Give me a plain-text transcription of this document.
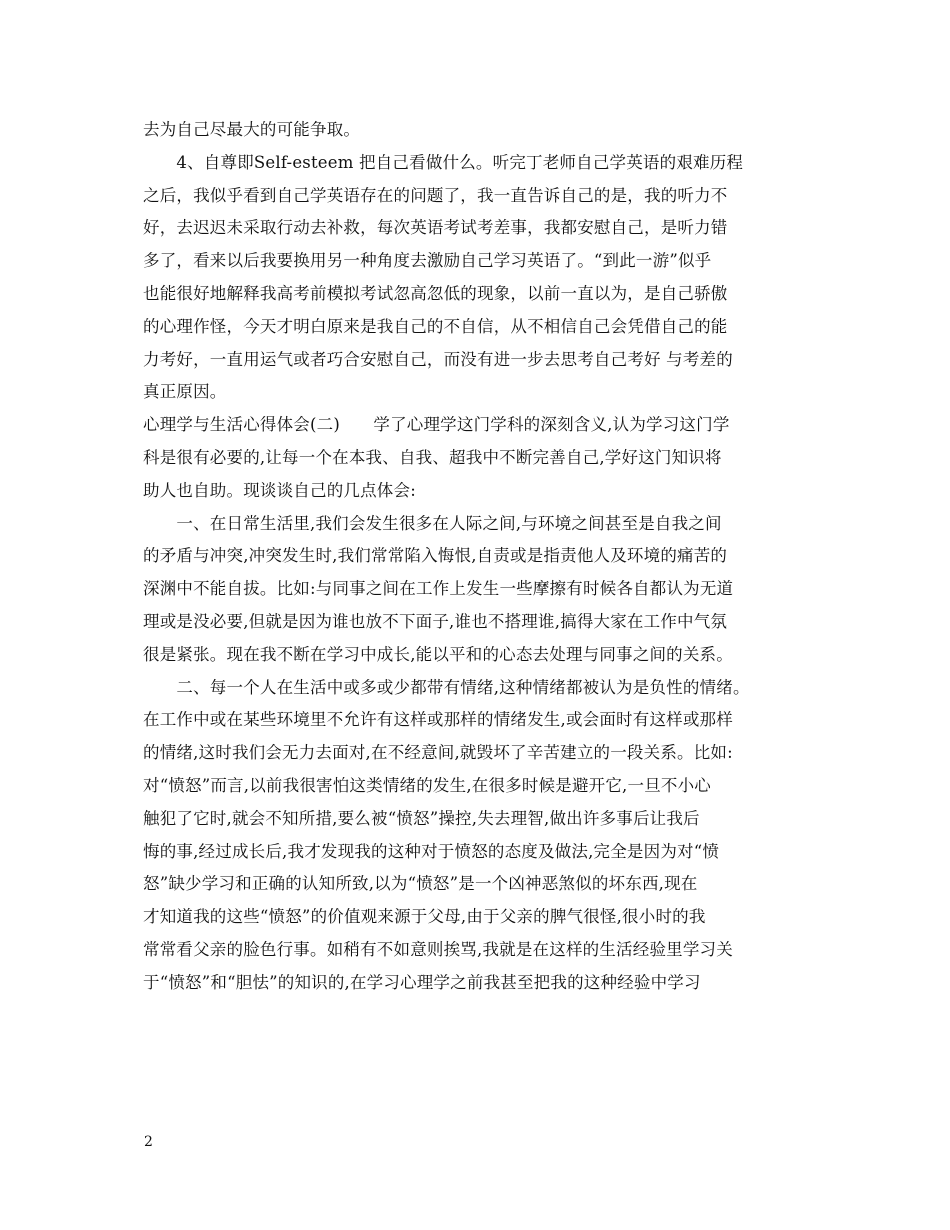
去为自己尽最大的可能争取。
　　4、自尊即Self-esteem 把自己看做什么。听完丁老师自己学英语的艰难历程
之后，我似乎看到自己学英语存在的问题了，我一直告诉自己的是，我的听力不
好，去迟迟未采取行动去补救，每次英语考试考差事，我都安慰自己，是听力错
多了，看来以后我要换用另一种角度去激励自己学习英语了。“到此一游”似乎
也能很好地解释我高考前模拟考试忽高忽低的现象，以前一直以为，是自己骄傲
的心理作怪，今天才明白原来是我自己的不自信，从不相信自己会凭借自己的能
力考好，一直用运气或者巧合安慰自己，而没有进一步去思考自己考好 与考差的
真正原因。
心理学与生活心得体会(二)　　学了心理学这门学科的深刻含义,认为学习这门学
科是很有必要的,让每一个在本我、自我、超我中不断完善自己,学好这门知识将
助人也自助。现谈谈自己的几点体会:
　　一、在日常生活里,我们会发生很多在人际之间,与环境之间甚至是自我之间
的矛盾与冲突,冲突发生时,我们常常陷入悔恨,自责或是指责他人及环境的痛苦的
深渊中不能自拔。比如:与同事之间在工作上发生一些摩擦有时候各自都认为无道
理或是没必要,但就是因为谁也放不下面子,谁也不搭理谁,搞得大家在工作中气氛
很是紧张。现在我不断在学习中成长,能以平和的心态去处理与同事之间的关系。
　　二、每一个人在生活中或多或少都带有情绪,这种情绪都被认为是负性的情绪。
在工作中或在某些环境里不允许有这样或那样的情绪发生,或会面时有这样或那样
的情绪,这时我们会无力去面对,在不经意间,就毁坏了辛苦建立的一段关系。比如:
对“愤怒”而言,以前我很害怕这类情绪的发生,在很多时候是避开它,一旦不小心
触犯了它时,就会不知所措,要么被“愤怒”操控,失去理智,做出许多事后让我后
悔的事,经过成长后,我才发现我的这种对于愤怒的态度及做法,完全是因为对“愤
怒”缺少学习和正确的认知所致,以为“愤怒”是一个凶神恶煞似的坏东西,现在
才知道我的这些“愤怒”的价值观来源于父母,由于父亲的脾气很怪,很小时的我
常常看父亲的脸色行事。如稍有不如意则挨骂,我就是在这样的生活经验里学习关
于“愤怒”和“胆怯”的知识的,在学习心理学之前我甚至把我的这种经验中学习
2
